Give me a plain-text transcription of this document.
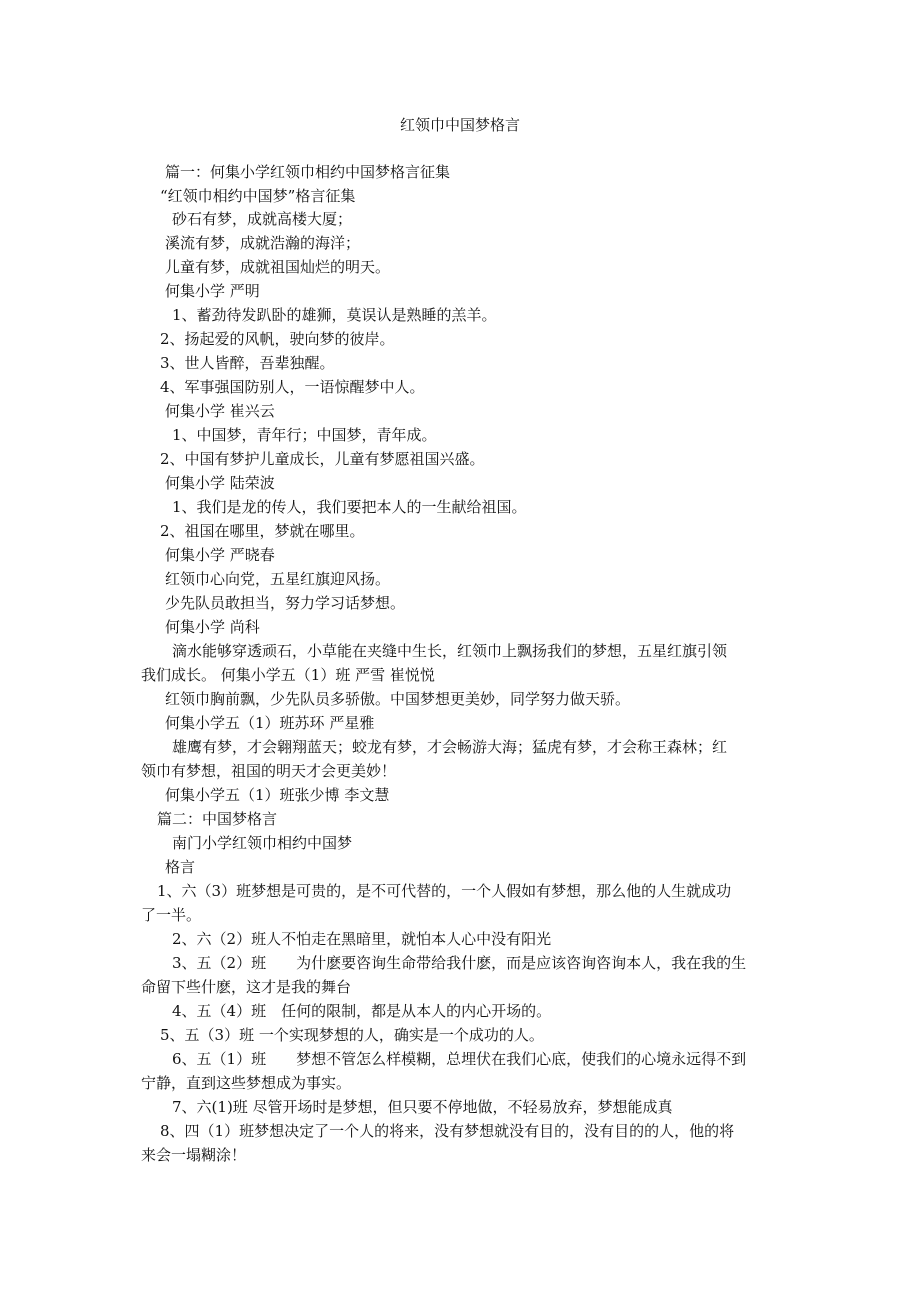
红领巾中国梦格言
篇一：何集小学红领巾相约中国梦格言征集
“红领巾相约中国梦”格言征集
砂石有梦，成就高楼大厦；
溪流有梦，成就浩瀚的海洋；
儿童有梦，成就祖国灿烂的明天。
何集小学 严明
1、蓄劲待发趴卧的雄狮，莫误认是熟睡的羔羊。
2、扬起爱的风帆，驶向梦的彼岸。
3、世人皆醉，吾辈独醒。
4、军事强国防别人，一语惊醒梦中人。
何集小学 崔兴云
1、中国梦，青年行；中国梦，青年成。
2、中国有梦护儿童成长，儿童有梦愿祖国兴盛。
何集小学 陆荣波
1、我们是龙的传人，我们要把本人的一生献给祖国。
2、祖国在哪里，梦就在哪里。
何集小学 严晓春
红领巾心向党，五星红旗迎风扬。
少先队员敢担当，努力学习话梦想。
何集小学 尚科
滴水能够穿透顽石，小草能在夹缝中生长，红领巾上飘扬我们的梦想，五星红旗引领
我们成长。 何集小学五（1）班 严雪 崔悦悦
红领巾胸前飘，少先队员多骄傲。中国梦想更美妙，同学努力做天骄。
何集小学五（1）班苏环 严星雅
雄鹰有梦，才会翱翔蓝天；蛟龙有梦，才会畅游大海；猛虎有梦，才会称王森林；红
领巾有梦想，祖国的明天才会更美妙！
何集小学五（1）班张少博 李文慧
篇二：中国梦格言
南门小学红领巾相约中国梦
格言
1、六（3）班梦想是可贵的，是不可代替的，一个人假如有梦想，那么他的人生就成功
了一半。
2、六（2）班人不怕走在黑暗里，就怕本人心中没有阳光
3、五（2）班　　为什麽要咨询生命带给我什麽，而是应该咨询咨询本人，我在我的生
命留下些什麽，这才是我的舞台
4、五（4）班　任何的限制，都是从本人的内心开场的。
5、五（3）班 一个实现梦想的人，确实是一个成功的人。
6、五（1）班　　梦想不管怎么样模糊，总埋伏在我们心底，使我们的心境永远得不到
宁静，直到这些梦想成为事实。
7、六(1)班 尽管开场时是梦想，但只要不停地做，不轻易放弃，梦想能成真
8、四（1）班梦想决定了一个人的将来，没有梦想就没有目的，没有目的的人，他的将
来会一塌糊涂！
